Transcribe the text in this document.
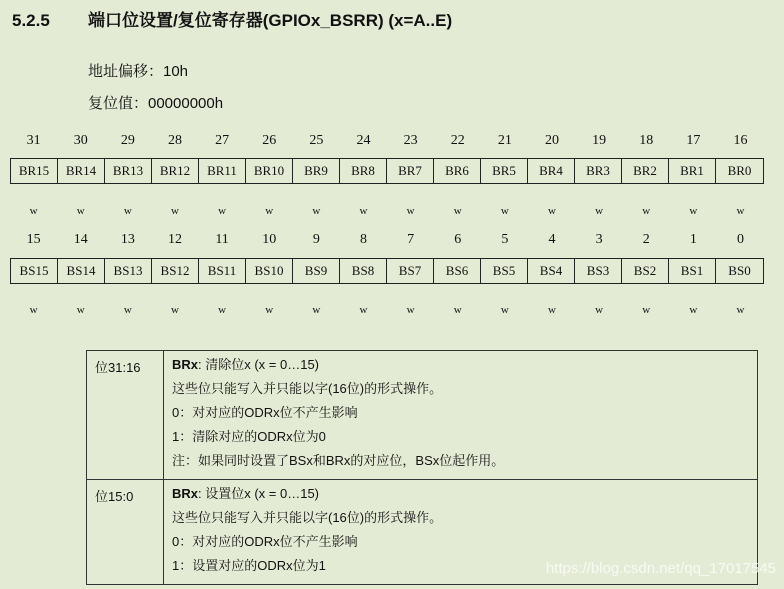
5.2.5 端口位设置/复位寄存器(GPIOx_BSRR) (x=A..E)
地址偏移：10h
复位值：00000000h
31	30	29	28	27	26	25	24	23	22	21	20	19	18	17	16
BR15	BR14	BR13	BR12	BR11	BR10	BR9	BR8	BR7	BR6	BR5	BR4	BR3	BR2	BR1	BR0
w	w	w	w	w	w	w	w	w	w	w	w	w	w	w	w
15	14	13	12	11	10	9	8	7	6	5	4	3	2	1	0
BS15	BS14	BS13	BS12	BS11	BS10	BS9	BS8	BS7	BS6	BS5	BS4	BS3	BS2	BS1	BS0
w	w	w	w	w	w	w	w	w	w	w	w	w	w	w	w
位31:16	BRx: 清除位x (x = 0…15)
这些位只能写入并只能以字(16位)的形式操作。
0：对对应的ODRx位不产生影响
1：清除对应的ODRx位为0
注：如果同时设置了BSx和BRx的对应位，BSx位起作用。

位15:0	BRx: 设置位x (x = 0…15)
这些位只能写入并只能以字(16位)的形式操作。
0：对对应的ODRx位不产生影响
1：设置对应的ODRx位为1	https://blog.csdn.net/qq_17017545
